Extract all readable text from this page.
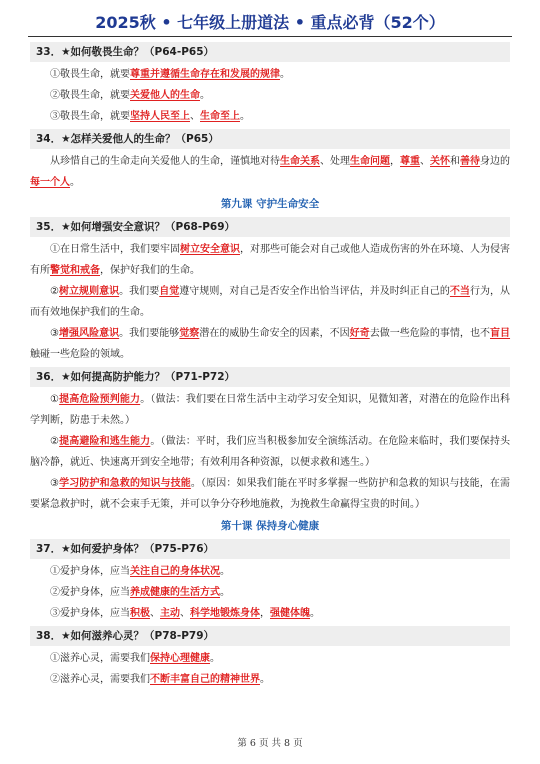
2025秋 • 七年级上册道法 • 重点必背（52个）
33．★如何敬畏生命？（P64-P65）

①敬畏生命，就要尊重并遵循生命存在和发展的规律。

②敬畏生命，就要关爱他人的生命。

③敬畏生命，就要坚持人民至上、生命至上。

34．★怎样关爱他人的生命？（P65）

从珍惜自己的生命走向关爱他人的生命，谨慎地对待生命关系、处理生命问题，尊重、关怀和善待身边的每一个人。

第九课 守护生命安全
35．★如何增强安全意识？（P68-P69）

①在日常生活中，我们要牢固树立安全意识，对那些可能会对自己或他人造成伤害的外在环境、人为侵害有所警觉和戒备，保护好我们的生命。

②树立规则意识。我们要自觉遵守规则，对自己是否安全作出恰当评估，并及时纠正自己的不当行为，从而有效地保护我们的生命。

③增强风险意识。我们要能够觉察潜在的威胁生命安全的因素，不因好奇去做一些危险的事情，也不盲目触碰一些危险的领域。

36．★如何提高防护能力？（P71-P72）

①提高危险预判能力。（做法：我们要在日常生活中主动学习安全知识，见微知著，对潜在的危险作出科学判断，防患于未然。）

②提高避险和逃生能力。（做法：平时，我们应当积极参加安全演练活动。在危险来临时，我们要保持头脑冷静，就近、快速离开到安全地带；有效利用各种资源，以便求救和逃生。）

③学习防护和急救的知识与技能。（原因：如果我们能在平时多掌握一些防护和急救的知识与技能，在需要紧急救护时，就不会束手无策，并可以争分夺秒地施救，为挽救生命赢得宝贵的时间。）

第十课 保持身心健康
37．★如何爱护身体？（P75-P76）

①爱护身体，应当关注自己的身体状况。

②爱护身体，应当养成健康的生活方式。

③爱护身体，应当积极、主动、科学地锻炼身体，强健体魄。

38．★如何滋养心灵？（P78-P79）

①滋养心灵，需要我们保持心理健康。

②滋养心灵，需要我们不断丰富自己的精神世界。

第 6 页 共 8 页
